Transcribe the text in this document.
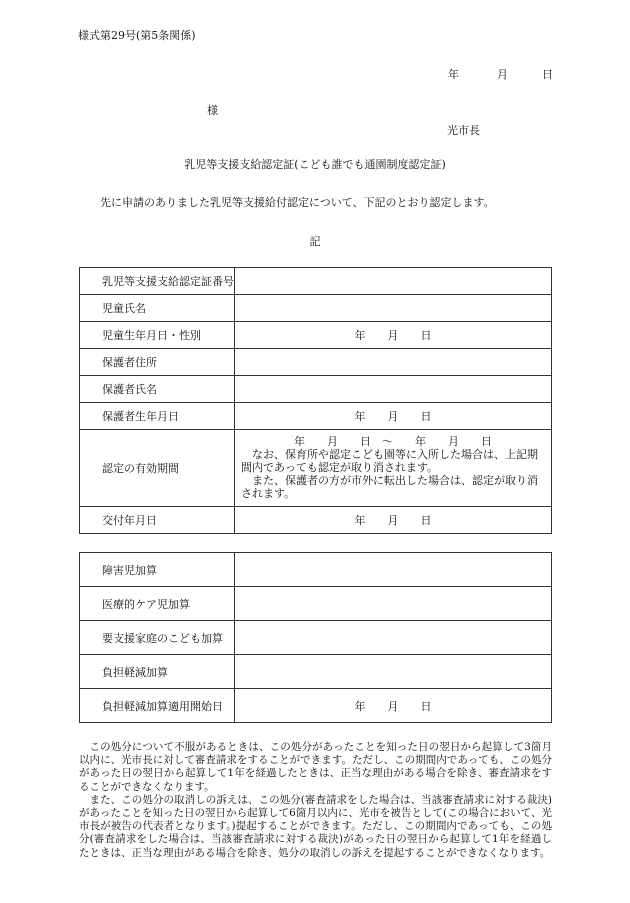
様式第29号(第5条関係)
年	月	日
様
光市長
乳児等支援支給認定証(こども誰でも通園制度認定証)
先に申請のありました乳児等支援給付認定について、下記のとおり認定します。
記
乳児等支援支給認定証番号	
児童氏名	
児童生年月日・性別	年　　月　　日
保護者住所	
保護者氏名	
保護者生年月日	年　　月　　日
認定の有効期間	年　　月　　日　～　　年　　月　　日
なお、保育所や認定こども園等に入所した場合は、上記期間内であっても認定が取り消されます。
また、保護者の方が市外に転出した場合は、認定が取り消されます。

交付年月日	年　　月　　日
障害児加算	
医療的ケア児加算	
要支援家庭のこども加算	
負担軽減加算	
負担軽減加算適用開始日	年　　月　　日

この処分について不服があるときは、この処分があったことを知った日の翌日から起算して3箇月以内に、光市長に対して審査請求をすることができます。ただし、この期間内であっても、この処分があった日の翌日から起算して1年を経過したときは、正当な理由がある場合を除き、審査請求をすることができなくなります。

また、この処分の取消しの訴えは、この処分(審査請求をした場合は、当該審査請求に対する裁決)があったことを知った日の翌日から起算して6箇月以内に、光市を被告として(この場合において、光市長が被告の代表者となります。)提起することができます。ただし、この期間内であっても、この処分(審査請求をした場合は、当該審査請求に対する裁決)があった日の翌日から起算して1年を経過したときは、正当な理由がある場合を除き、処分の取消しの訴えを提起することができなくなります。
